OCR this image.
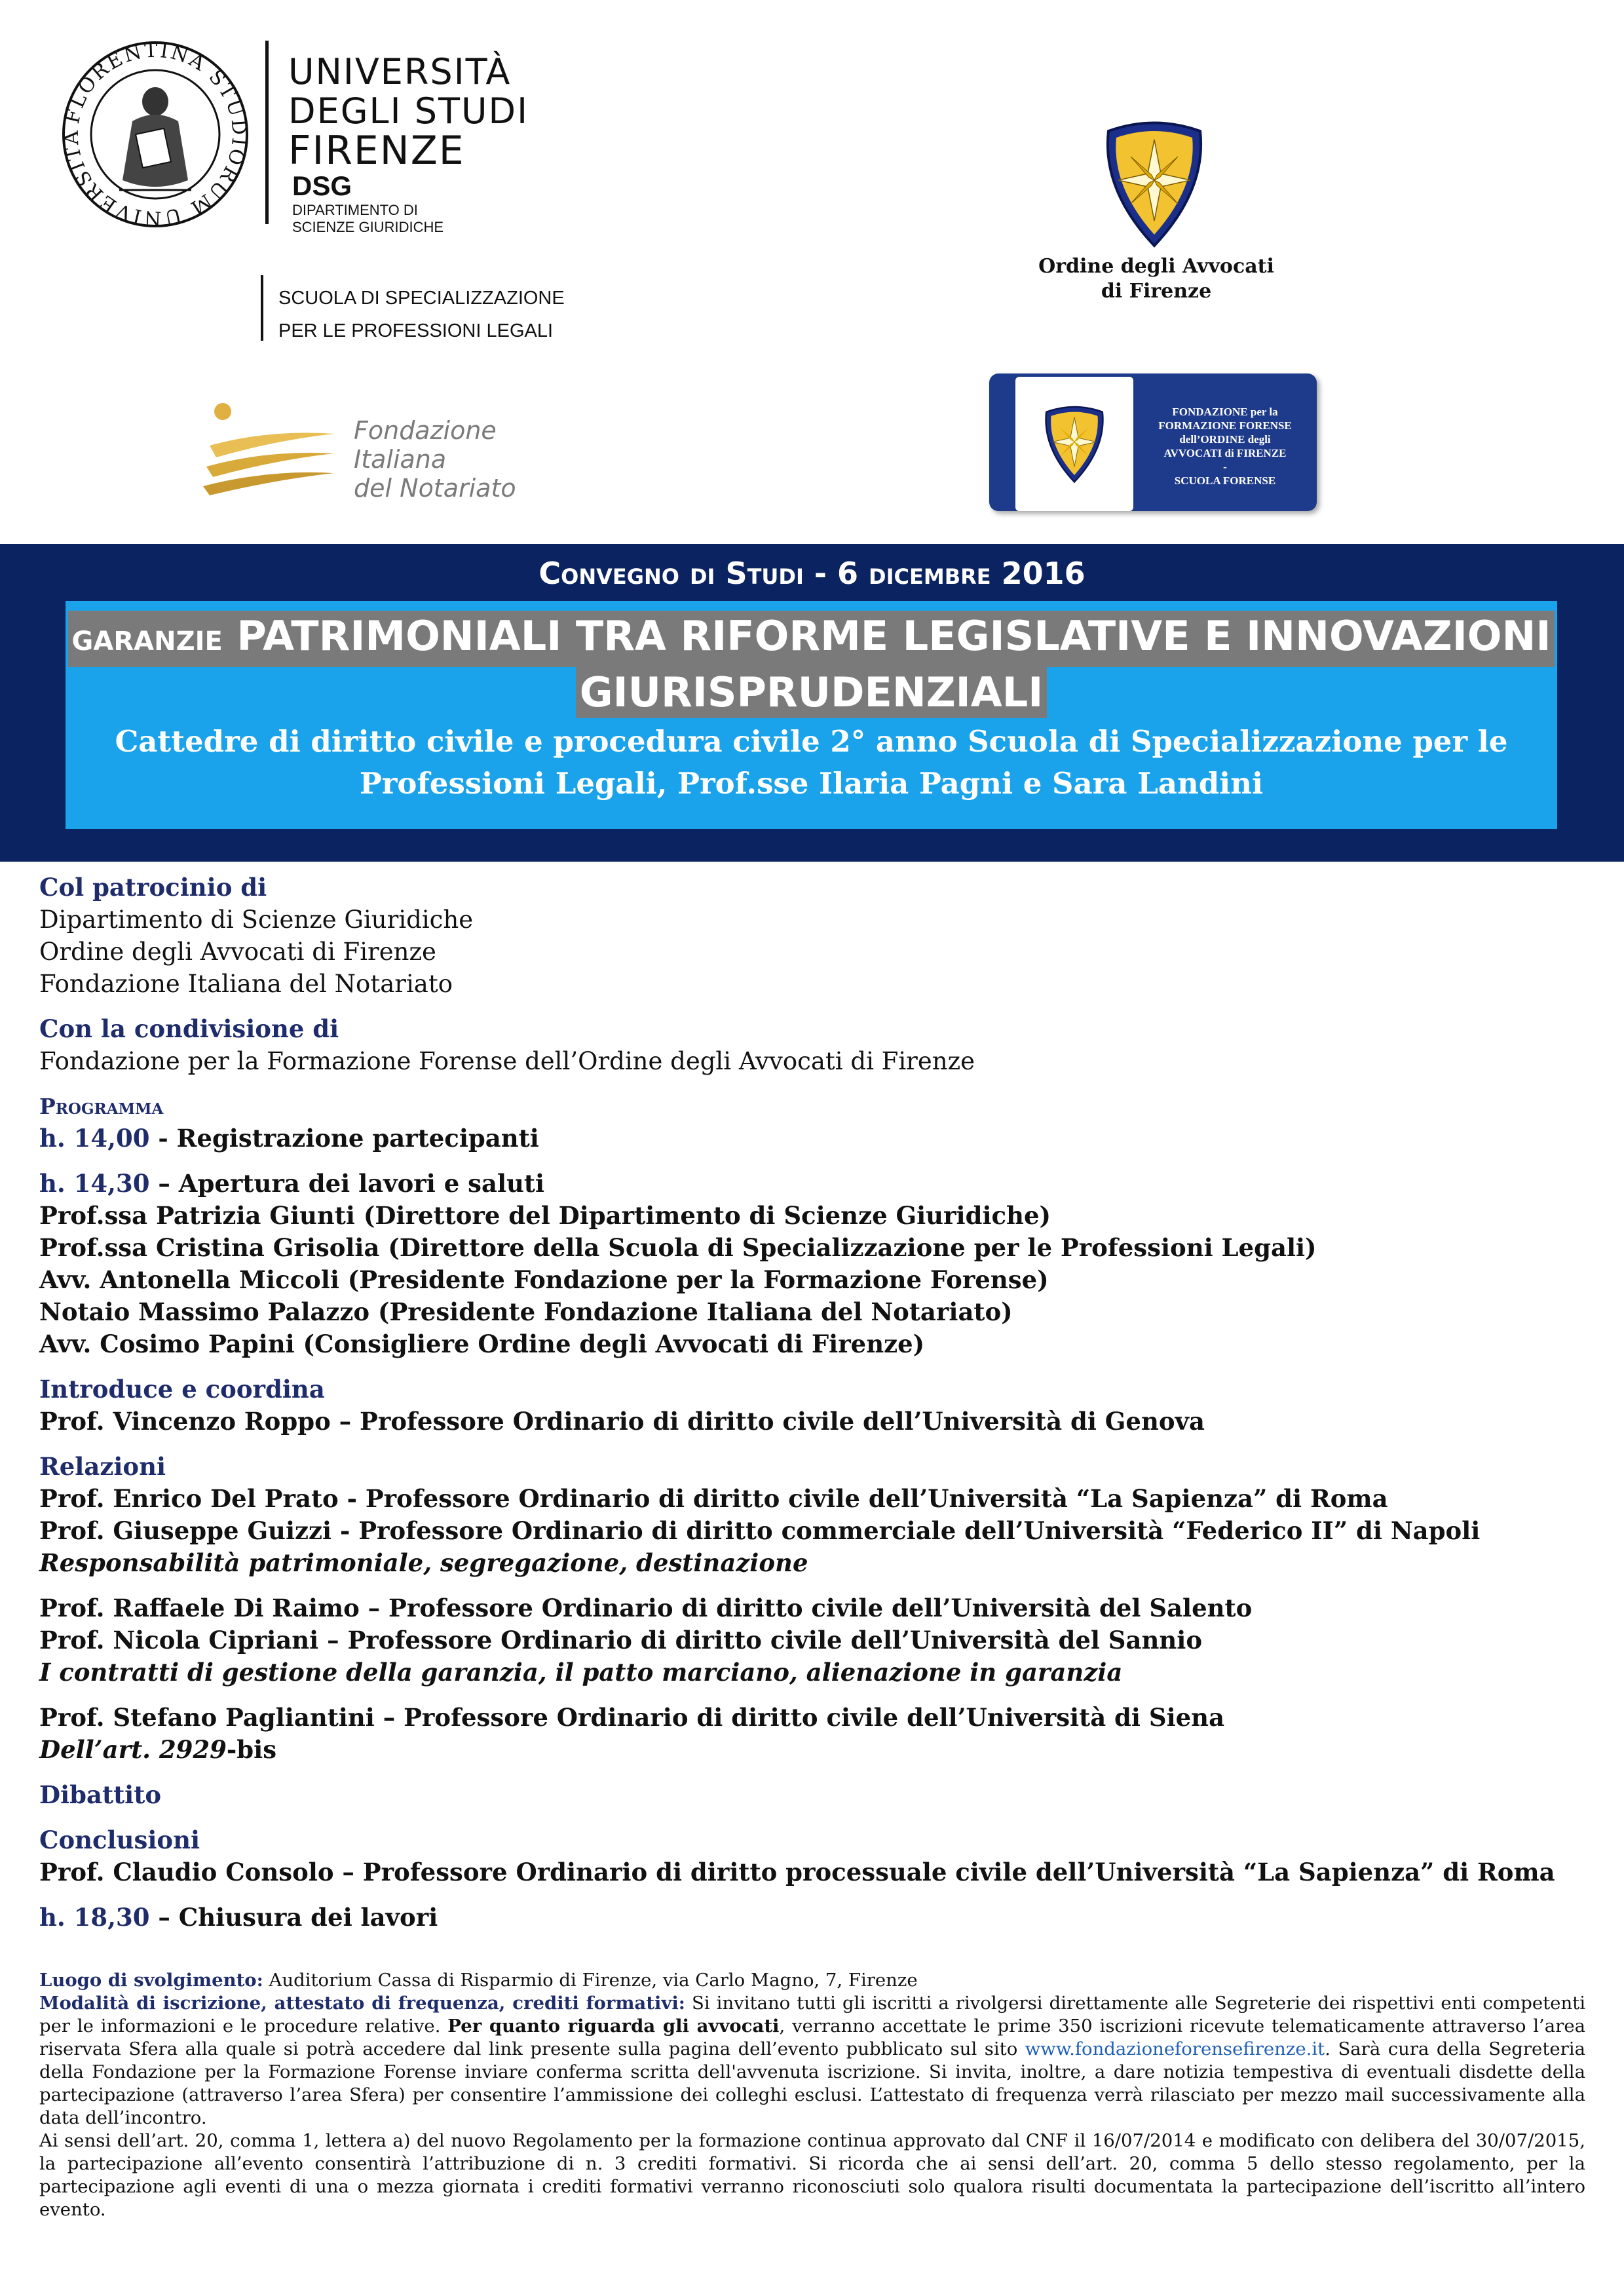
FLORENTINA STUDIORUM UNIVERSITA
UNIVERSITÀ
DEGLI STUDI
FIRENZE
DSG
DIPARTIMENTO DI
SCIENZE GIURIDICHE
SCUOLA DI SPECIALIZZAZIONE
PER LE PROFESSIONI LEGALI
Ordine degli Avvocati
di Firenze
Fondazione
Italiana
del Notariato
FONDAZIONE per la
FORMAZIONE FORENSE
dell’ORDINE degli
AVVOCATI di FIRENZE
-
SCUOLA FORENSE
Convegno di Studi - 6 dicembre 2016
GARANZIE PATRIMONIALI TRA RIFORME LEGISLATIVE E INNOVAZIONI
GIURISPRUDENZIALI
Cattedre di diritto civile e procedura civile 2° anno Scuola di Specializzazione per le
Professioni Legali, Prof.sse Ilaria Pagni e Sara Landini

Col patrocinio di

Dipartimento di Scienze Giuridiche

Ordine degli Avvocati di Firenze

Fondazione Italiana del Notariato

Con la condivisione di

Fondazione per la Formazione Forense dell’Ordine degli Avvocati di Firenze

Programma

h. 14,00 - Registrazione partecipanti

h. 14,30 – Apertura dei lavori e saluti

Prof.ssa Patrizia Giunti (Direttore del Dipartimento di Scienze Giuridiche)

Prof.ssa Cristina Grisolia (Direttore della Scuola di Specializzazione per le Professioni Legali)

Avv. Antonella Miccoli (Presidente Fondazione per la Formazione Forense)

Notaio Massimo Palazzo (Presidente Fondazione Italiana del Notariato)

Avv. Cosimo Papini (Consigliere Ordine degli Avvocati di Firenze)

Introduce e coordina

Prof. Vincenzo Roppo – Professore Ordinario di diritto civile dell’Università di Genova

Relazioni

Prof. Enrico Del Prato - Professore Ordinario di diritto civile dell’Università “La Sapienza” di Roma

Prof. Giuseppe Guizzi - Professore Ordinario di diritto commerciale dell’Università “Federico II” di Napoli

Responsabilità patrimoniale, segregazione, destinazione

Prof. Raffaele Di Raimo – Professore Ordinario di diritto civile dell’Università del Salento

Prof. Nicola Cipriani – Professore Ordinario di diritto civile dell’Università del Sannio

I contratti di gestione della garanzia, il patto marciano, alienazione in garanzia

Prof. Stefano Pagliantini – Professore Ordinario di diritto civile dell’Università di Siena

Dell’art. 2929-bis

Dibattito

Conclusioni

Prof. Claudio Consolo – Professore Ordinario di diritto processuale civile dell’Università “La Sapienza” di Roma

h. 18,30 – Chiusura dei lavori

Luogo di svolgimento: Auditorium Cassa di Risparmio di Firenze, via Carlo Magno, 7, Firenze

Modalità di iscrizione, attestato di frequenza, crediti formativi: Si invitano tutti gli iscritti a rivolgersi direttamente alle Segreterie dei rispettivi enti competenti per le informazioni e le procedure relative. Per quanto riguarda gli avvocati, verranno accettate le prime 350 iscrizioni ricevute telematicamente attraverso l’area riservata Sfera alla quale si potrà accedere dal link presente sulla pagina dell’evento pubblicato sul sito www.fondazioneforensefirenze.it. Sarà cura della Segreteria della Fondazione per la Formazione Forense inviare conferma scritta dell'avvenuta iscrizione. Si invita, inoltre, a dare notizia tempestiva di eventuali disdette della partecipazione (attraverso l’area Sfera) per consentire l’ammissione dei colleghi esclusi. L’attestato di frequenza verrà rilasciato per mezzo mail successivamente alla data dell’incontro.

Ai sensi dell’art. 20, comma 1, lettera a) del nuovo Regolamento per la formazione continua approvato dal CNF il 16/07/2014 e modificato con delibera del 30/07/2015, la partecipazione all’evento consentirà l’attribuzione di n. 3 crediti formativi. Si ricorda che ai sensi dell’art. 20, comma 5 dello stesso regolamento, per la partecipazione agli eventi di una o mezza giornata i crediti formativi verranno riconosciuti solo qualora risulti documentata la partecipazione dell’iscritto all’intero evento.
